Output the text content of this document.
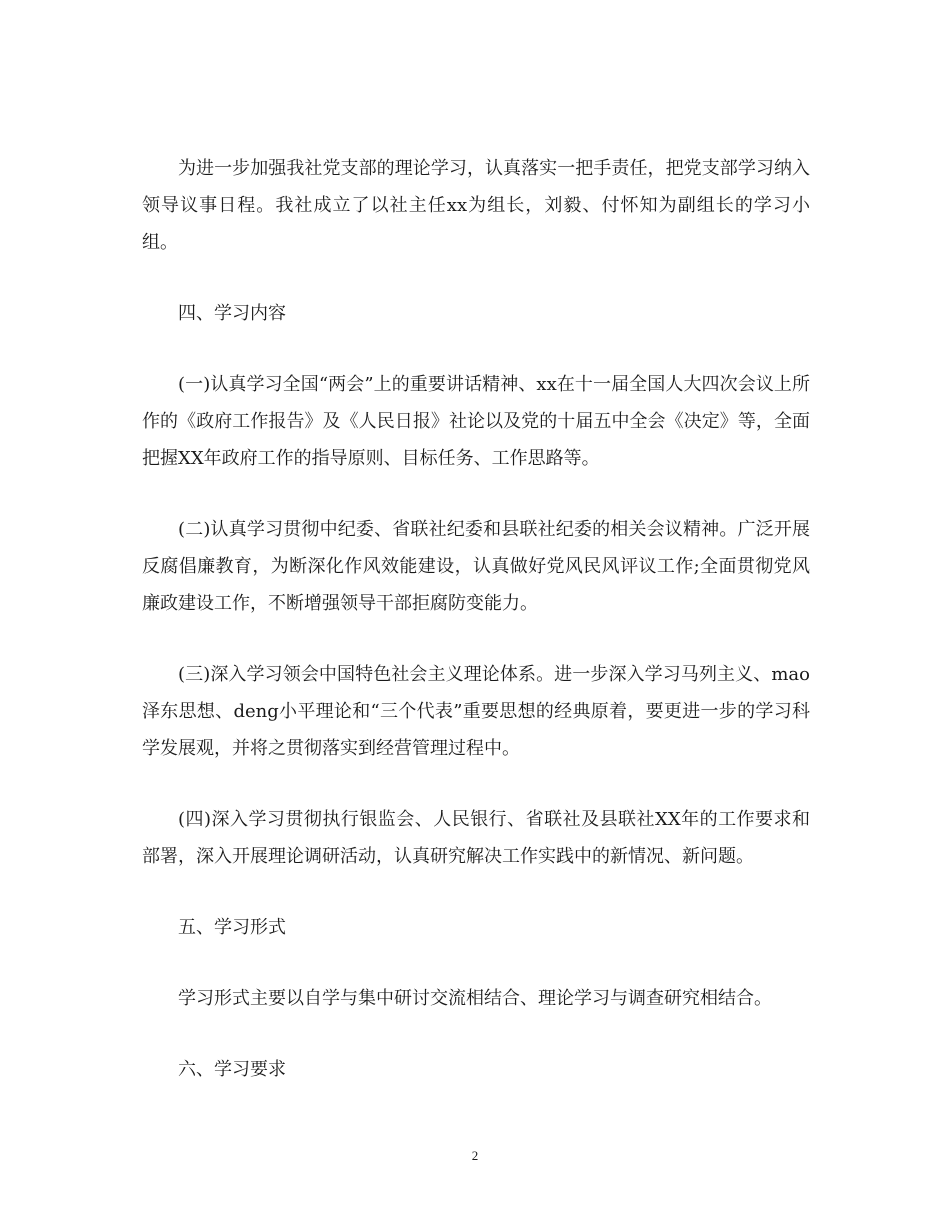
为进一步加强我社党支部的理论学习，认真落实一把手责任，把党支部学习纳入领导议事日程。我社成立了以社主任xx为组长，刘毅、付怀知为副组长的学习小组。

四、学习内容

(一)认真学习全国“两会”上的重要讲话精神、xx在十一届全国人大四次会议上所作的《政府工作报告》及《人民日报》社论以及党的十届五中全会《决定》等，全面把握XX年政府工作的指导原则、目标任务、工作思路等。

(二)认真学习贯彻中纪委、省联社纪委和县联社纪委的相关会议精神。广泛开展反腐倡廉教育，为断深化作风效能建设，认真做好党风民风评议工作;全面贯彻党风廉政建设工作，不断增强领导干部拒腐防变能力。

(三)深入学习领会中国特色社会主义理论体系。进一步深入学习马列主义、mao泽东思想、deng小平理论和“三个代表”重要思想的经典原着，要更进一步的学习科学发展观，并将之贯彻落实到经营管理过程中。

(四)深入学习贯彻执行银监会、人民银行、省联社及县联社XX年的工作要求和部署，深入开展理论调研活动，认真研究解决工作实践中的新情况、新问题。

五、学习形式

学习形式主要以自学与集中研讨交流相结合、理论学习与调查研究相结合。

六、学习要求

2
